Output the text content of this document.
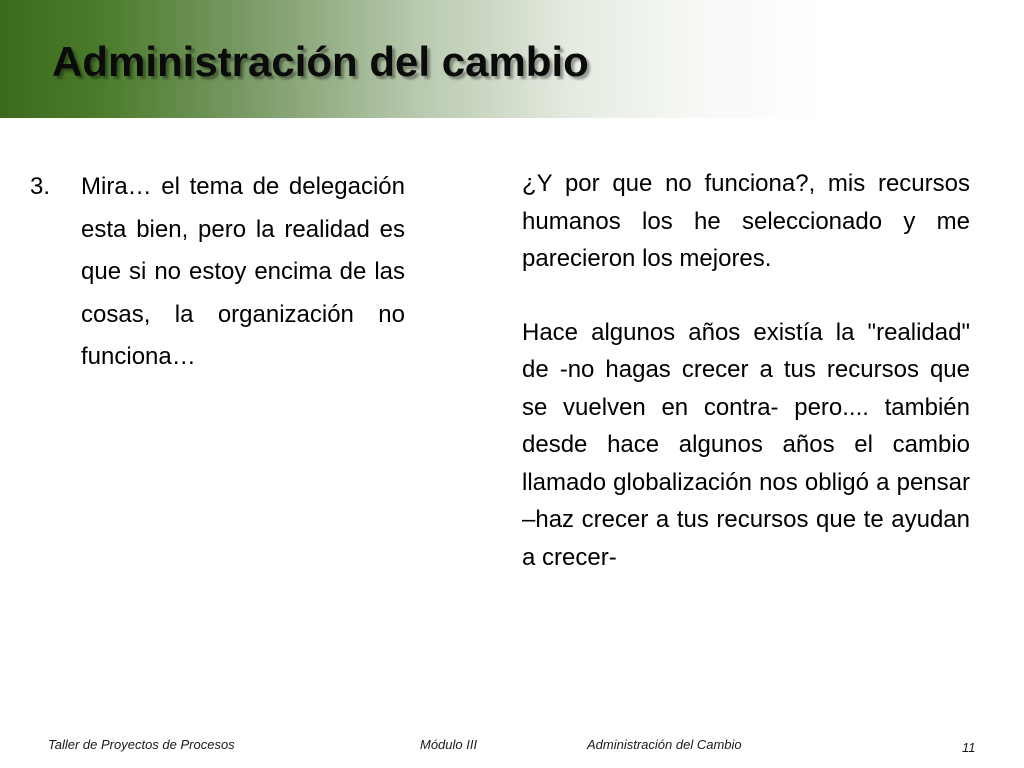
Administración del cambio
3. Mira… el tema de delegación esta bien, pero la realidad es que si no estoy encima de las cosas, la organización no funciona…

¿Y por que no funciona?, mis recursos humanos los he seleccionado y me parecieron los mejores.

Hace algunos años existía la "realidad" de -no hagas crecer a tus recursos que se vuelven en contra- pero.... también desde hace algunos años el cambio llamado globalización nos obligó a pensar –haz crecer a tus recursos que te ayudan a crecer-

Taller de Proyectos de Procesos	Módulo III	Administración del Cambio	11
